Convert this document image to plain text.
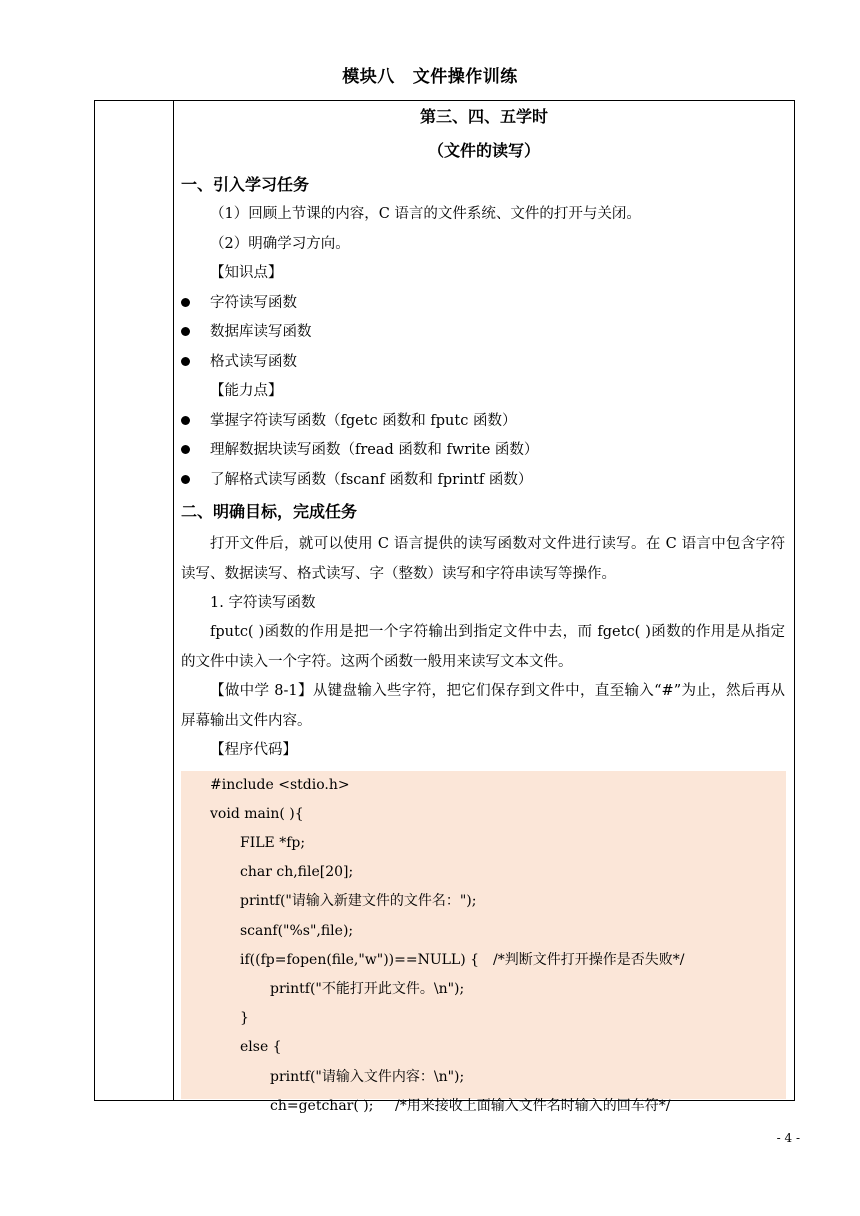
模块八 文件操作训练
第三、四、五学时
（文件的读写）
一、引入学习任务
（1）回顾上节课的内容，C 语言的文件系统、文件的打开与关闭。
（2）明确学习方向。
【知识点】
字符读写函数
数据库读写函数
格式读写函数
【能力点】
掌握字符读写函数（fgetc 函数和 fputc 函数）
理解数据块读写函数（fread 函数和 fwrite 函数）
了解格式读写函数（fscanf 函数和 fprintf 函数）
二、明确目标，完成任务
打开文件后，就可以使用 C 语言提供的读写函数对文件进行读写。在 C 语言中包含字符读写、数据读写、格式读写、字（整数）读写和字符串读写等操作。
1. 字符读写函数
fputc( )函数的作用是把一个字符输出到指定文件中去，而 fgetc( )函数的作用是从指定的文件中读入一个字符。这两个函数一般用来读写文本文件。
【做中学 8-1】从键盘输入些字符，把它们保存到文件中，直至输入“#”为止，然后再从屏幕输出文件内容。
【程序代码】
#include <stdio.h>
void main( ){
FILE *fp;
char ch,file[20];
printf("请输入新建文件的文件名：");
scanf("%s",file);
if((fp=fopen(file,"w"))==NULL) { /*判断文件打开操作是否失败*/
printf("不能打开此文件。\n");
}
else {
printf("请输入文件内容：\n");
ch=getchar( ); /*用来接收上面输入文件名时输入的回车符*/
- 4 -
